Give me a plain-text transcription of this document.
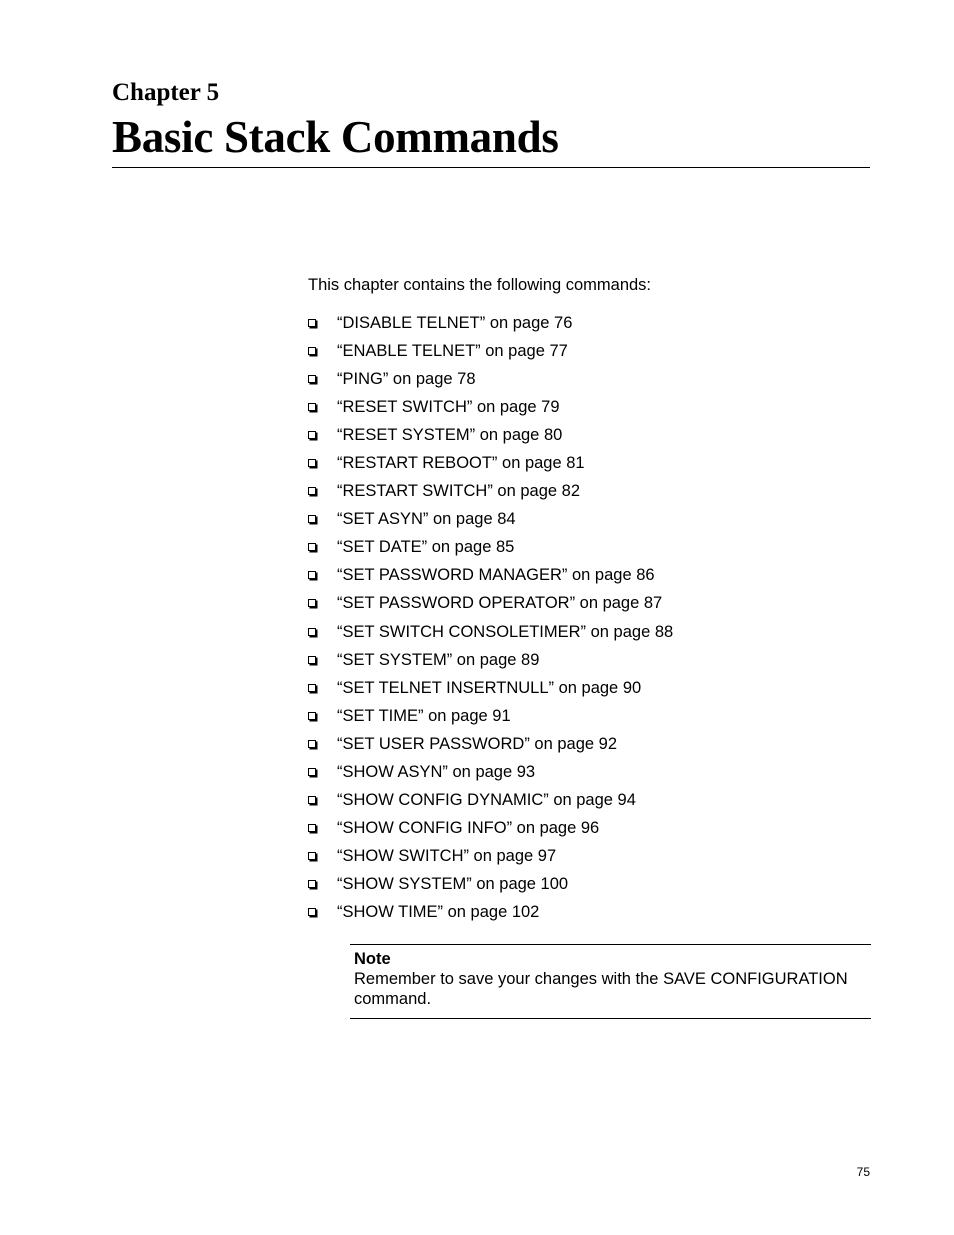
Chapter 5
Basic Stack Commands

This chapter contains the following commands:

“DISABLE TELNET” on page 76
“ENABLE TELNET” on page 77
“PING” on page 78
“RESET SWITCH” on page 79
“RESET SYSTEM” on page 80
“RESTART REBOOT” on page 81
“RESTART SWITCH” on page 82
“SET ASYN” on page 84
“SET DATE” on page 85
“SET PASSWORD MANAGER” on page 86
“SET PASSWORD OPERATOR” on page 87
“SET SWITCH CONSOLETIMER” on page 88
“SET SYSTEM” on page 89
“SET TELNET INSERTNULL” on page 90
“SET TIME” on page 91
“SET USER PASSWORD” on page 92
“SHOW ASYN” on page 93
“SHOW CONFIG DYNAMIC” on page 94
“SHOW CONFIG INFO” on page 96
“SHOW SWITCH” on page 97
“SHOW SYSTEM” on page 100
“SHOW TIME” on page 102

Note

Remember to save your changes with the SAVE CONFIGURATION command.

75
